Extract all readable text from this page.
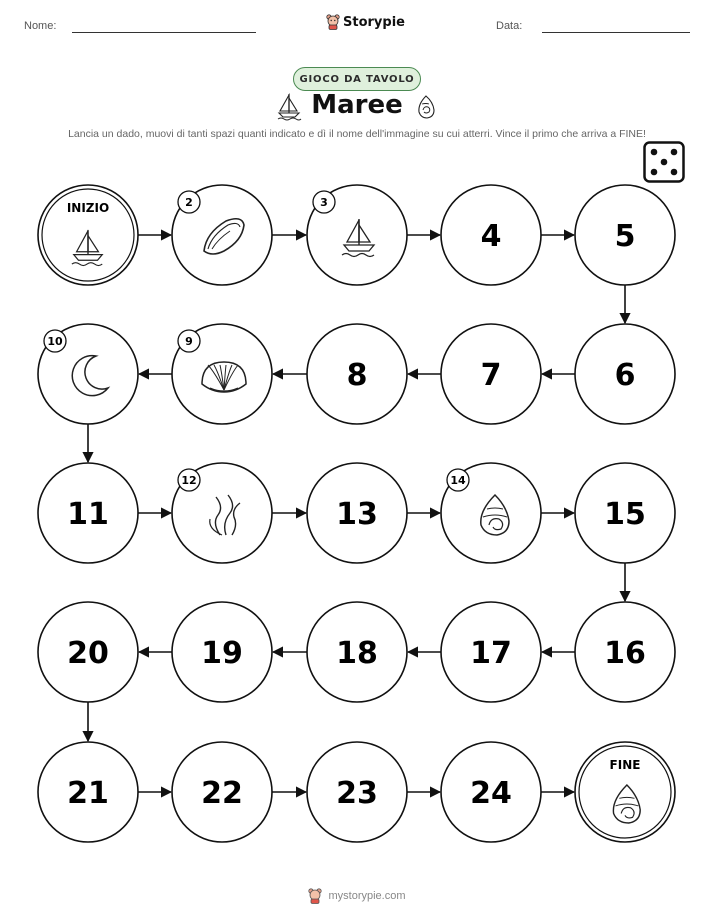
Nome:	Storypie	Data:
GIOCO DA TAVOLO
Maree
Lancia un dado, muovi di tanti spazi quanti indicato e dì il nome dell'immagine su cui atterri. Vince il primo che arriva a FINE!
INIZIO	2	3
4	5
6
7
8
9
10
11
12
13
14
15
16
17
18
19
20
21	22	23	24
FINE
mystorypie.com
